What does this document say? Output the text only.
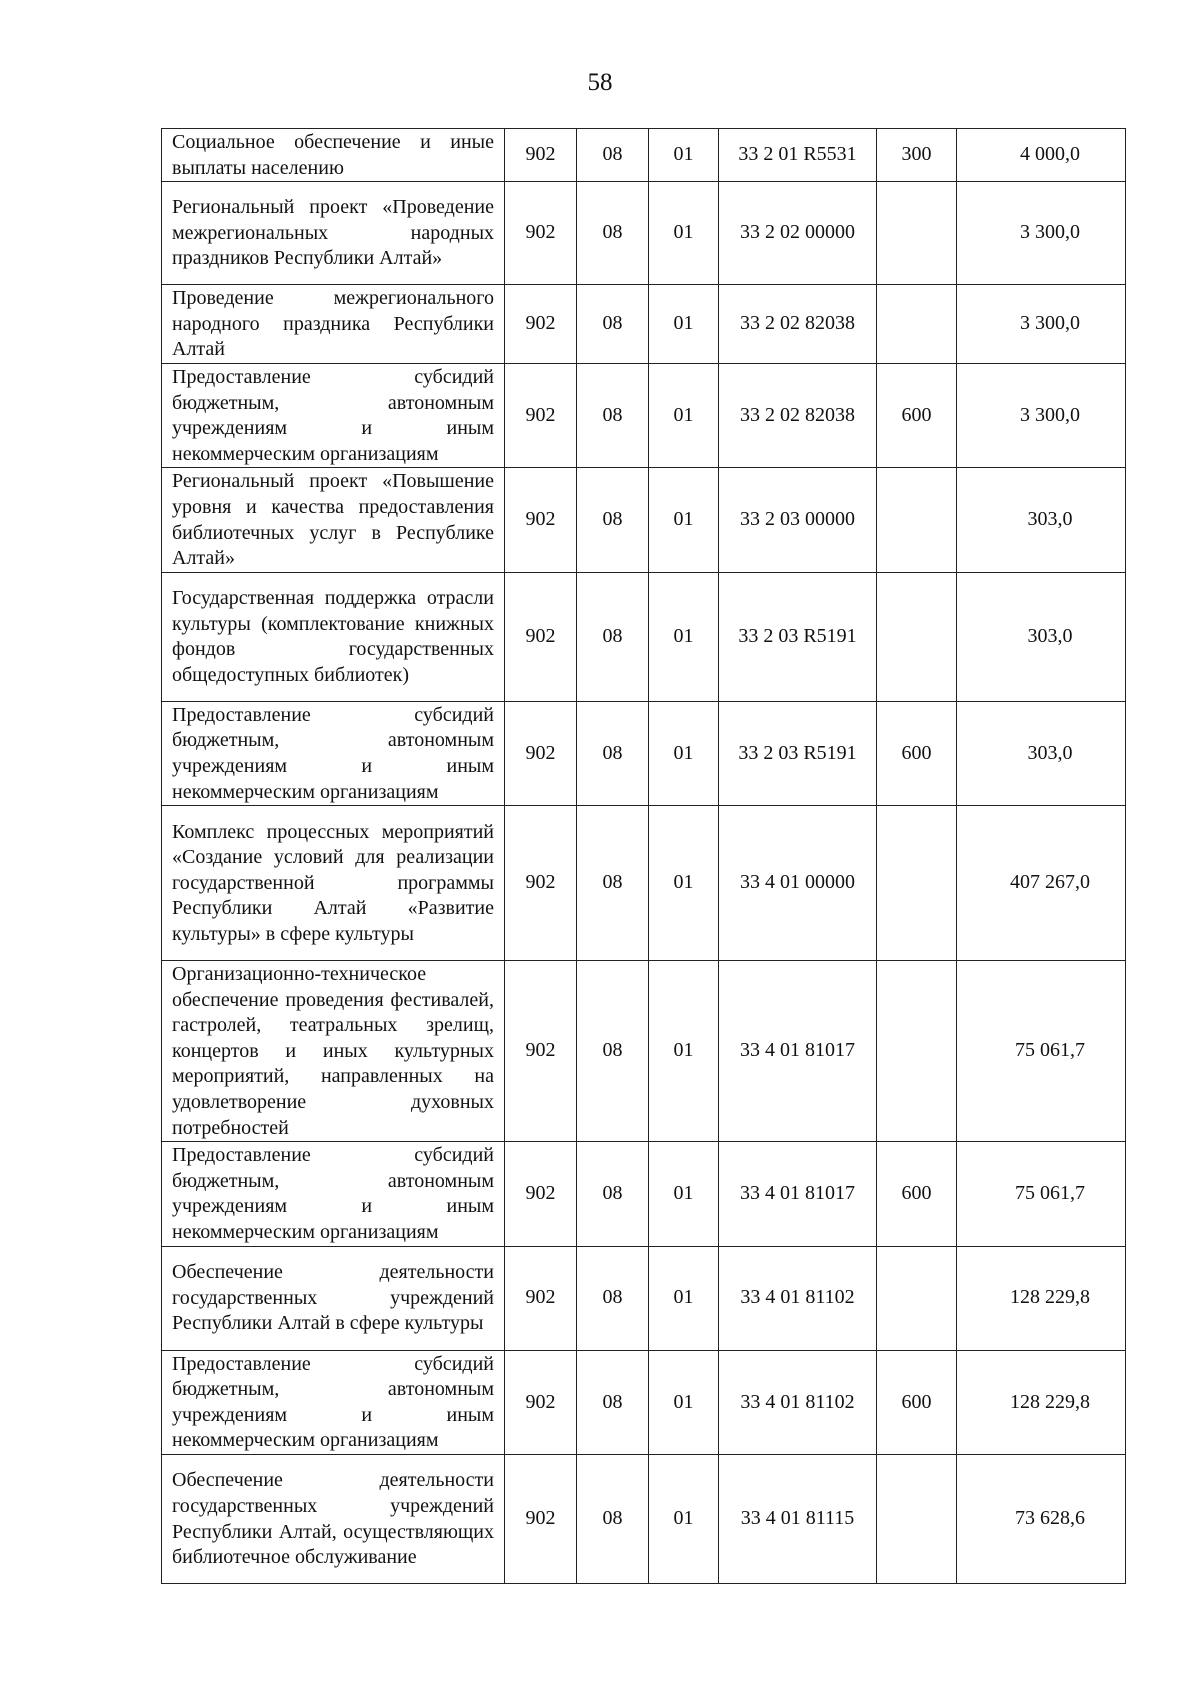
58
Социальное обеспечение и иные выплаты населению	902	08	01	33 2 01 R5531	300	4 000,0
Региональный проект «Проведение межрегиональных народных праздников Республики Алтай»	902	08	01	33 2 02 00000		3 300,0
Проведение межрегионального народного праздника Республики Алтай	902	08	01	33 2 02 82038		3 300,0
Предоставление субсидий бюджетным, автономным учреждениям и иным некоммерческим организациям	902	08	01	33 2 02 82038	600	3 300,0
Региональный проект «Повышение уровня и качества предоставления библиотечных услуг в Республике Алтай»	902	08	01	33 2 03 00000		303,0
Государственная поддержка отрасли культуры (комплектование книжных фондов государственных общедоступных библиотек)	902	08	01	33 2 03 R5191		303,0
Предоставление субсидий бюджетным, автономным учреждениям и иным некоммерческим организациям	902	08	01	33 2 03 R5191	600	303,0
Комплекс процессных мероприятий «Создание условий для реализации государственной программы Республики Алтай «Развитие культуры» в сфере культуры	902	08	01	33 4 01 00000		407 267,0
Организационно-техническое обеспечение проведения фестивалей, гастролей, театральных зрелищ, концертов и иных культурных мероприятий, направленных на удовлетворение духовных потребностей	902	08	01	33 4 01 81017		75 061,7
Предоставление субсидий бюджетным, автономным учреждениям и иным некоммерческим организациям	902	08	01	33 4 01 81017	600	75 061,7
Обеспечение деятельности государственных учреждений Республики Алтай в сфере культуры	902	08	01	33 4 01 81102		128 229,8
Предоставление субсидий бюджетным, автономным учреждениям и иным некоммерческим организациям	902	08	01	33 4 01 81102	600	128 229,8
Обеспечение деятельности государственных учреждений Республики Алтай, осуществляющих библиотечное обслуживание	902	08	01	33 4 01 81115		73 628,6
